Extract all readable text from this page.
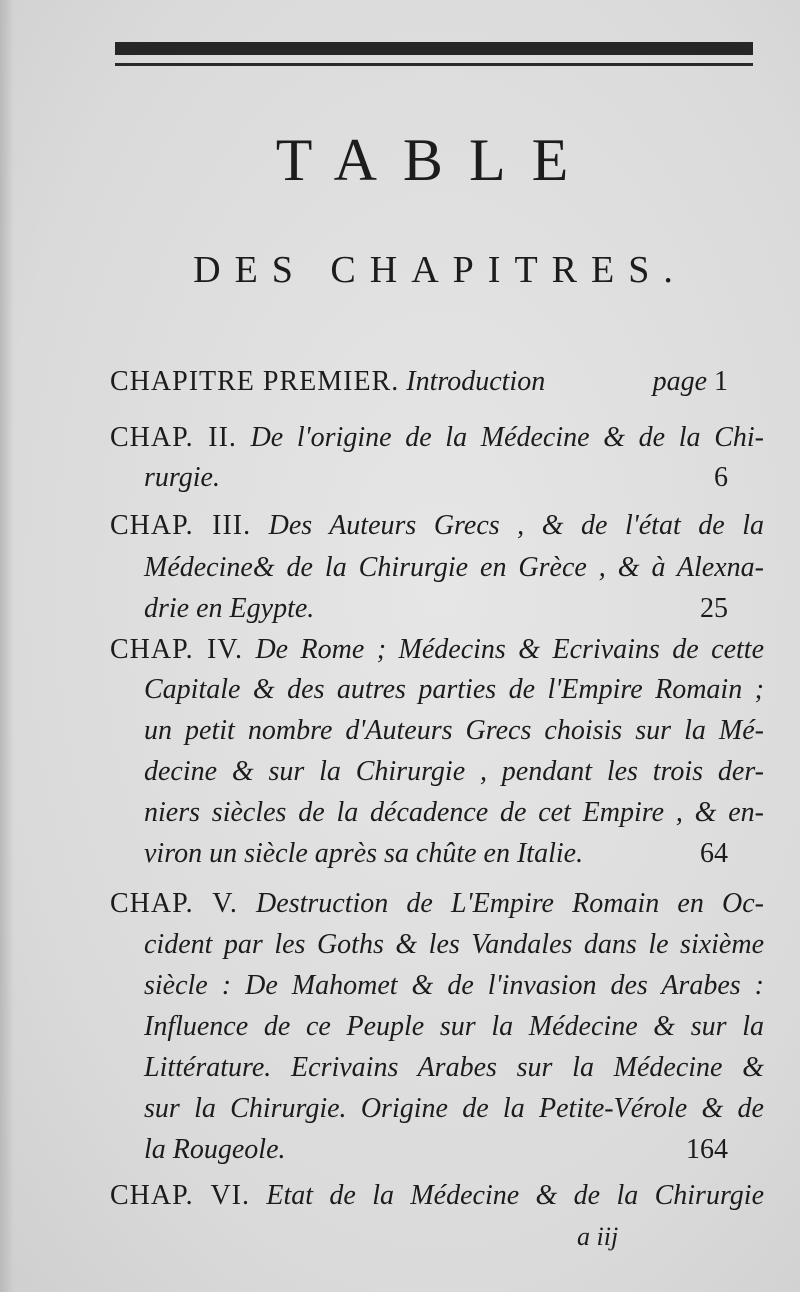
TABLE
DES CHAPITRES.
CHAPITRE PREMIER. Introduction	page 1
CHAP. II. De l'origine de la Médecine & de la Chi-
rurgie.	6
CHAP. III. Des Auteurs Grecs , & de l'état de la
Médecine& de la Chirurgie en Grèce , & à Alexna-
drie en Egypte.	25
CHAP. IV. De Rome ; Médecins & Ecrivains de cette
Capitale & des autres parties de l'Empire Romain ;
un petit nombre d'Auteurs Grecs choisis sur la Mé-
decine & sur la Chirurgie , pendant les trois der-
niers siècles de la décadence de cet Empire , & en-
viron un siècle après sa chûte en Italie.	64
CHAP. V. Destruction de L'Empire Romain en Oc-
cident par les Goths & les Vandales dans le sixième
siècle : De Mahomet & de l'invasion des Arabes :
Influence de ce Peuple sur la Médecine & sur la
Littérature. Ecrivains Arabes sur la Médecine &
sur la Chirurgie. Origine de la Petite-Vérole & de
la Rougeole.	164
CHAP. VI. Etat de la Médecine & de la Chirurgie
a iij
